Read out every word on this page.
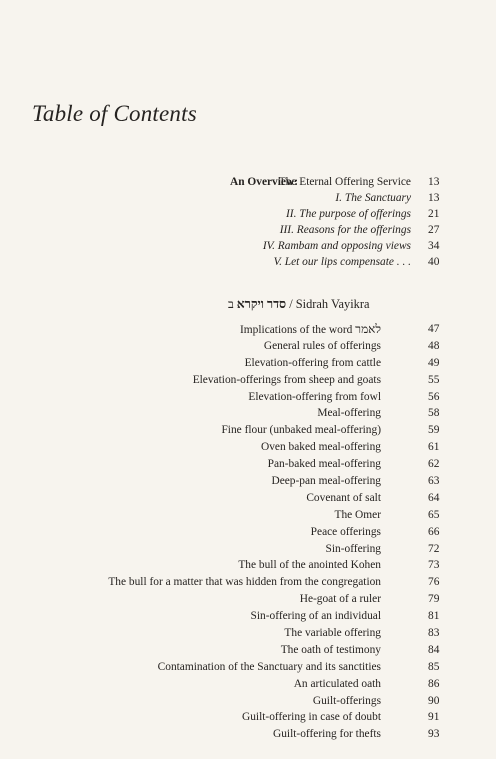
Table of Contents
An Overview:
The Eternal Offering Service 13
I. The Sanctuary 13
II. The purpose of offerings 21
III. Reasons for the offerings 27
IV. Rambam and opposing views 34
V. Let our lips compensate . . . 40
ב סדר ויקרא / Sidrah Vayikra
Implications of the word לאמר	47
General rules of offerings	48
Elevation-offering from cattle	49
Elevation-offerings from sheep and goats	55
Elevation-offering from fowl	56
Meal-offering	58
Fine flour (unbaked meal-offering)	59
Oven baked meal-offering	61
Pan-baked meal-offering	62
Deep-pan meal-offering	63
Covenant of salt	64
The Omer	65
Peace offerings	66
Sin-offering	72
The bull of the anointed Kohen	73
The bull for a matter that was hidden from the congregation	76
He-goat of a ruler	79
Sin-offering of an individual	81
The variable offering	83
The oath of testimony	84
Contamination of the Sanctuary and its sanctities	85
An articulated oath	86
Guilt-offerings	90
Guilt-offering in case of doubt	91
Guilt-offering for thefts	93
